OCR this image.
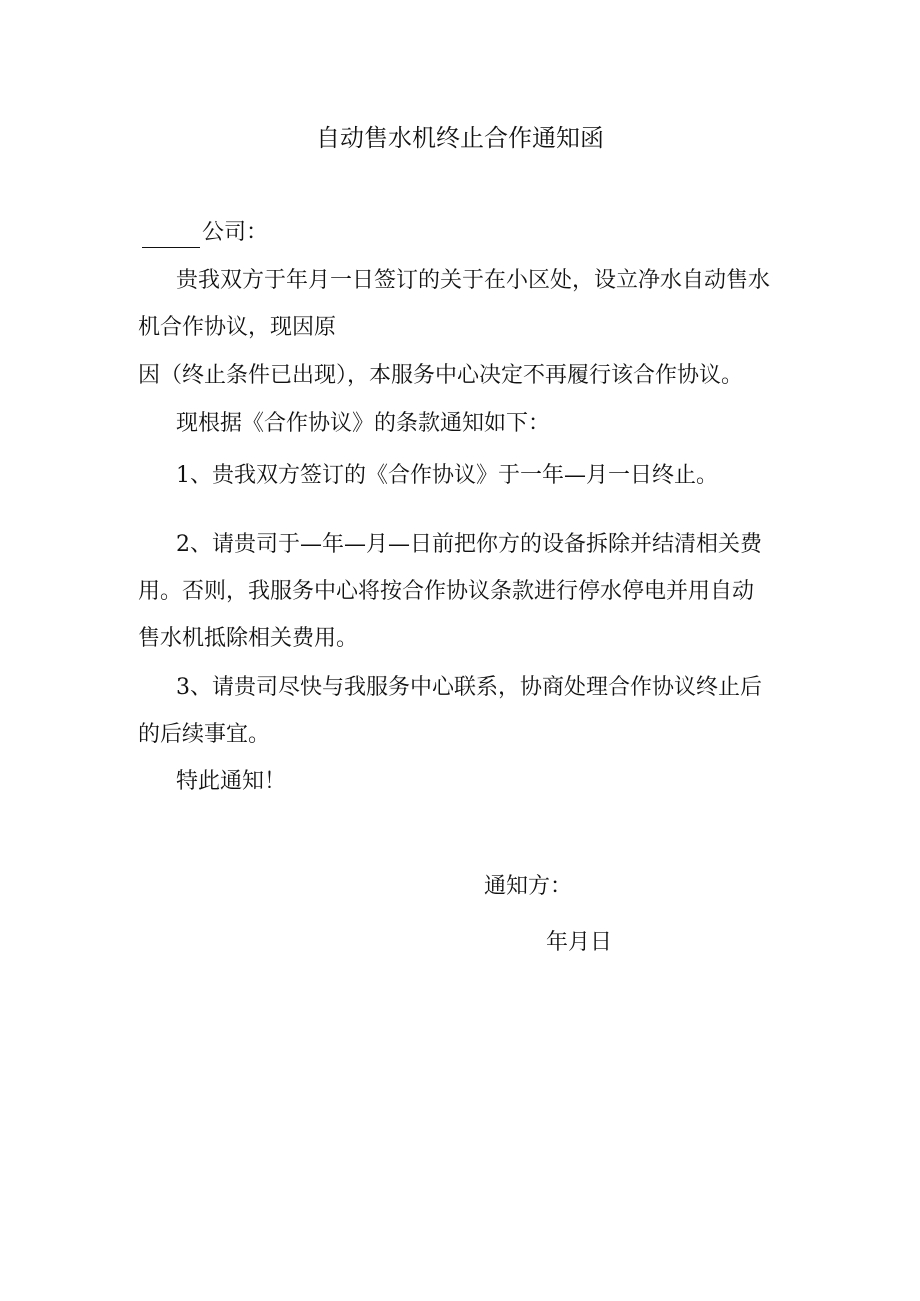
自动售水机终止合作通知函
公司：
贵我双方于年月一日签订的关于在小区处，设立净水自动售水
机合作协议，现因原
因（终止条件已出现），本服务中心决定不再履行该合作协议。
现根据《合作协议》的条款通知如下：
1、贵我双方签订的《合作协议》于一年—月一日终止。
2、请贵司于—年—月—日前把你方的设备拆除并结清相关费
用。否则，我服务中心将按合作协议条款进行停水停电并用自动
售水机抵除相关费用。
3、请贵司尽快与我服务中心联系，协商处理合作协议终止后
的后续事宜。
特此通知！
通知方：
年月日
